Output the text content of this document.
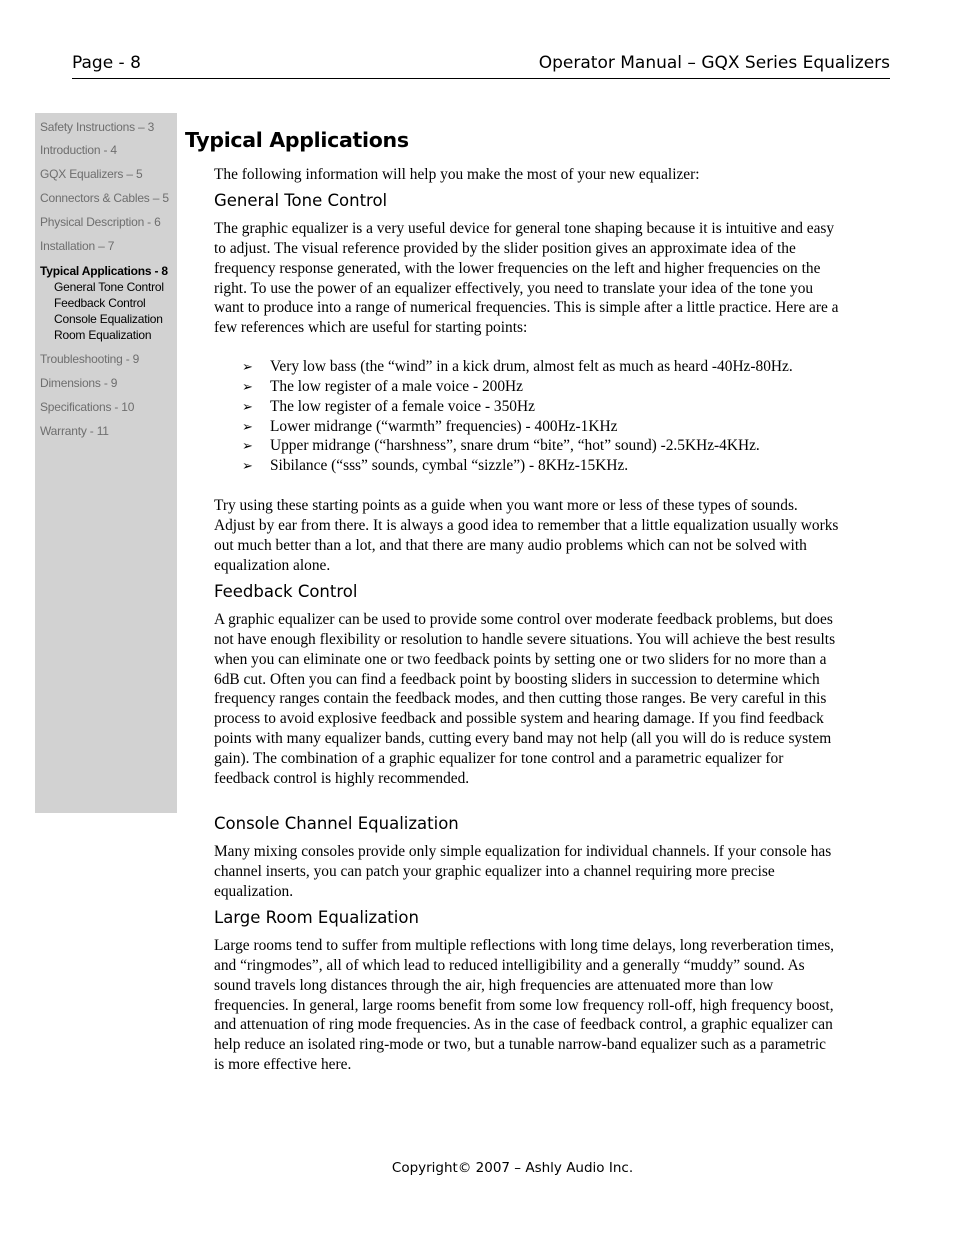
Page - 8	Operator Manual – GQX Series Equalizers
Safety Instructions – 3
Introduction - 4
GQX Equalizers – 5
Connectors & Cables – 5
Physical Description - 6
Installation – 7
Typical Applications - 8
General Tone Control
Feedback Control
Console Equalization
Room Equalization
Troubleshooting - 9
Dimensions - 9
Specifications - 10
Warranty - 11
Typical Applications

The following information will help you make the most of your new equalizer:

General Tone Control

The graphic equalizer is a very useful device for general tone shaping because it is intuitive and easy to adjust. The visual reference provided by the slider position gives an approximate idea of the frequency response generated, with the lower frequencies on the left and higher frequencies on the right. To use the power of an equalizer effectively, you need to translate your idea of the tone you want to produce into a range of numerical frequencies. This is simple after a little practice. Here are a few references which are useful for starting points:

➢ Very low bass (the “wind” in a kick drum, almost felt as much as heard -40Hz-80Hz.
➢ The low register of a male voice - 200Hz
➢ The low register of a female voice - 350Hz
➢ Lower midrange (“warmth” frequencies) - 400Hz-1KHz
➢ Upper midrange (“harshness”, snare drum “bite”, “hot” sound) -2.5KHz-4KHz.
➢ Sibilance (“sss” sounds, cymbal “sizzle”) - 8KHz-15KHz.

Try using these starting points as a guide when you want more or less of these types of sounds. Adjust by ear from there. It is always a good idea to remember that a little equalization usually works out much better than a lot, and that there are many audio problems which can not be solved with equalization alone.

Feedback Control

A graphic equalizer can be used to provide some control over moderate feedback problems, but does not have enough flexibility or resolution to handle severe situations. You will achieve the best results when you can eliminate one or two feedback points by setting one or two sliders for no more than a 6dB cut. Often you can find a feedback point by boosting sliders in succession to determine which frequency ranges contain the feedback modes, and then cutting those ranges. Be very careful in this process to avoid explosive feedback and possible system and hearing damage. If you find feedback points with many equalizer bands, cutting every band may not help (all you will do is reduce system gain). The combination of a graphic equalizer for tone control and a parametric equalizer for feedback control is highly recommended.

Console Channel Equalization

Many mixing consoles provide only simple equalization for individual channels. If your console has channel inserts, you can patch your graphic equalizer into a channel requiring more precise equalization.

Large Room Equalization

Large rooms tend to suffer from multiple reflections with long time delays, long reverberation times, and “ringmodes”, all of which lead to reduced intelligibility and a generally “muddy” sound. As sound travels long distances through the air, high frequencies are attenuated more than low frequencies. In general, large rooms benefit from some low frequency roll-off, high frequency boost, and attenuation of ring mode frequencies. As in the case of feedback control, a graphic equalizer can help reduce an isolated ring-mode or two, but a tunable narrow-band equalizer such as a parametric is more effective here.

Copyright© 2007 – Ashly Audio Inc.
